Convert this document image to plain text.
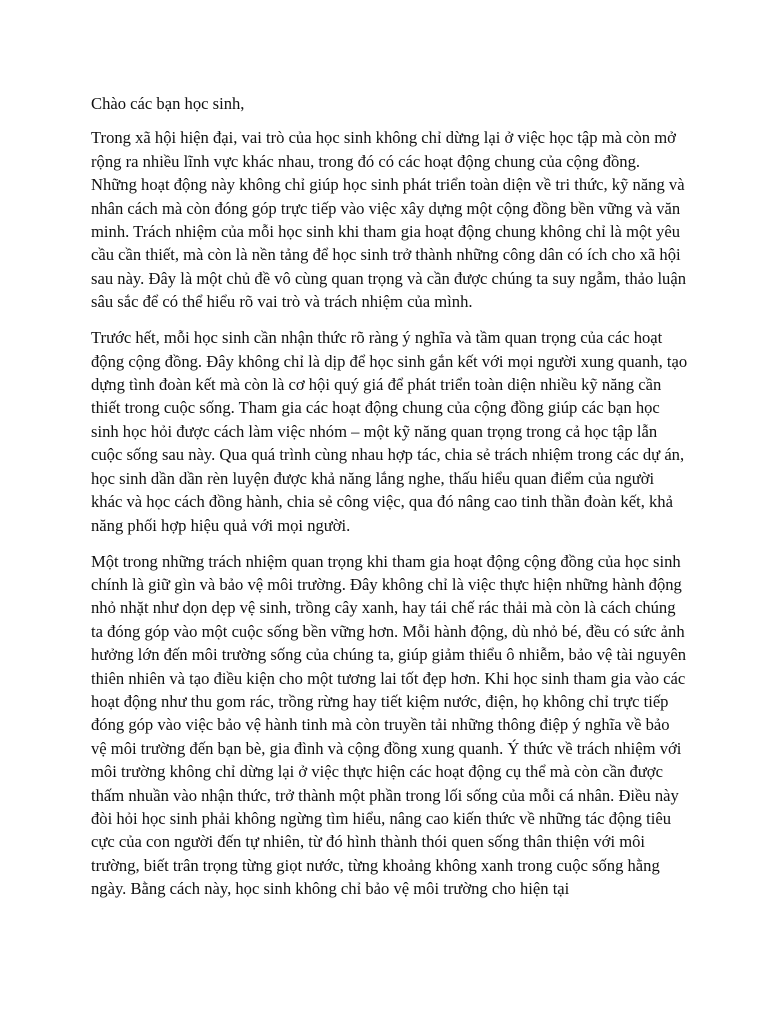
Chào các bạn học sinh,

Trong xã hội hiện đại, vai trò của học sinh không chỉ dừng lại ở việc học tập mà còn mở rộng ra nhiều lĩnh vực khác nhau, trong đó có các hoạt động chung của cộng đồng. Những hoạt động này không chỉ giúp học sinh phát triển toàn diện về tri thức, kỹ năng và nhân cách mà còn đóng góp trực tiếp vào việc xây dựng một cộng đồng bền vững và văn minh. Trách nhiệm của mỗi học sinh khi tham gia hoạt động chung không chỉ là một yêu cầu cần thiết, mà còn là nền tảng để học sinh trở thành những công dân có ích cho xã hội sau này. Đây là một chủ đề vô cùng quan trọng và cần được chúng ta suy ngẫm, thảo luận sâu sắc để có thể hiểu rõ vai trò và trách nhiệm của mình.

Trước hết, mỗi học sinh cần nhận thức rõ ràng ý nghĩa và tầm quan trọng của các hoạt động cộng đồng. Đây không chỉ là dịp để học sinh gắn kết với mọi người xung quanh, tạo dựng tình đoàn kết mà còn là cơ hội quý giá để phát triển toàn diện nhiều kỹ năng cần thiết trong cuộc sống. Tham gia các hoạt động chung của cộng đồng giúp các bạn học sinh học hỏi được cách làm việc nhóm – một kỹ năng quan trọng trong cả học tập lẫn cuộc sống sau này. Qua quá trình cùng nhau hợp tác, chia sẻ trách nhiệm trong các dự án, học sinh dần dần rèn luyện được khả năng lắng nghe, thấu hiểu quan điểm của người khác và học cách đồng hành, chia sẻ công việc, qua đó nâng cao tinh thần đoàn kết, khả năng phối hợp hiệu quả với mọi người.

Một trong những trách nhiệm quan trọng khi tham gia hoạt động cộng đồng của học sinh chính là giữ gìn và bảo vệ môi trường. Đây không chỉ là việc thực hiện những hành động nhỏ nhặt như dọn dẹp vệ sinh, trồng cây xanh, hay tái chế rác thải mà còn là cách chúng ta đóng góp vào một cuộc sống bền vững hơn. Mỗi hành động, dù nhỏ bé, đều có sức ảnh hưởng lớn đến môi trường sống của chúng ta, giúp giảm thiểu ô nhiễm, bảo vệ tài nguyên thiên nhiên và tạo điều kiện cho một tương lai tốt đẹp hơn. Khi học sinh tham gia vào các hoạt động như thu gom rác, trồng rừng hay tiết kiệm nước, điện, họ không chỉ trực tiếp đóng góp vào việc bảo vệ hành tinh mà còn truyền tải những thông điệp ý nghĩa về bảo vệ môi trường đến bạn bè, gia đình và cộng đồng xung quanh. Ý thức về trách nhiệm với môi trường không chỉ dừng lại ở việc thực hiện các hoạt động cụ thể mà còn cần được thấm nhuần vào nhận thức, trở thành một phần trong lối sống của mỗi cá nhân. Điều này đòi hỏi học sinh phải không ngừng tìm hiểu, nâng cao kiến thức về những tác động tiêu cực của con người đến tự nhiên, từ đó hình thành thói quen sống thân thiện với môi trường, biết trân trọng từng giọt nước, từng khoảng không xanh trong cuộc sống hằng ngày. Bằng cách này, học sinh không chỉ bảo vệ môi trường cho hiện tại
